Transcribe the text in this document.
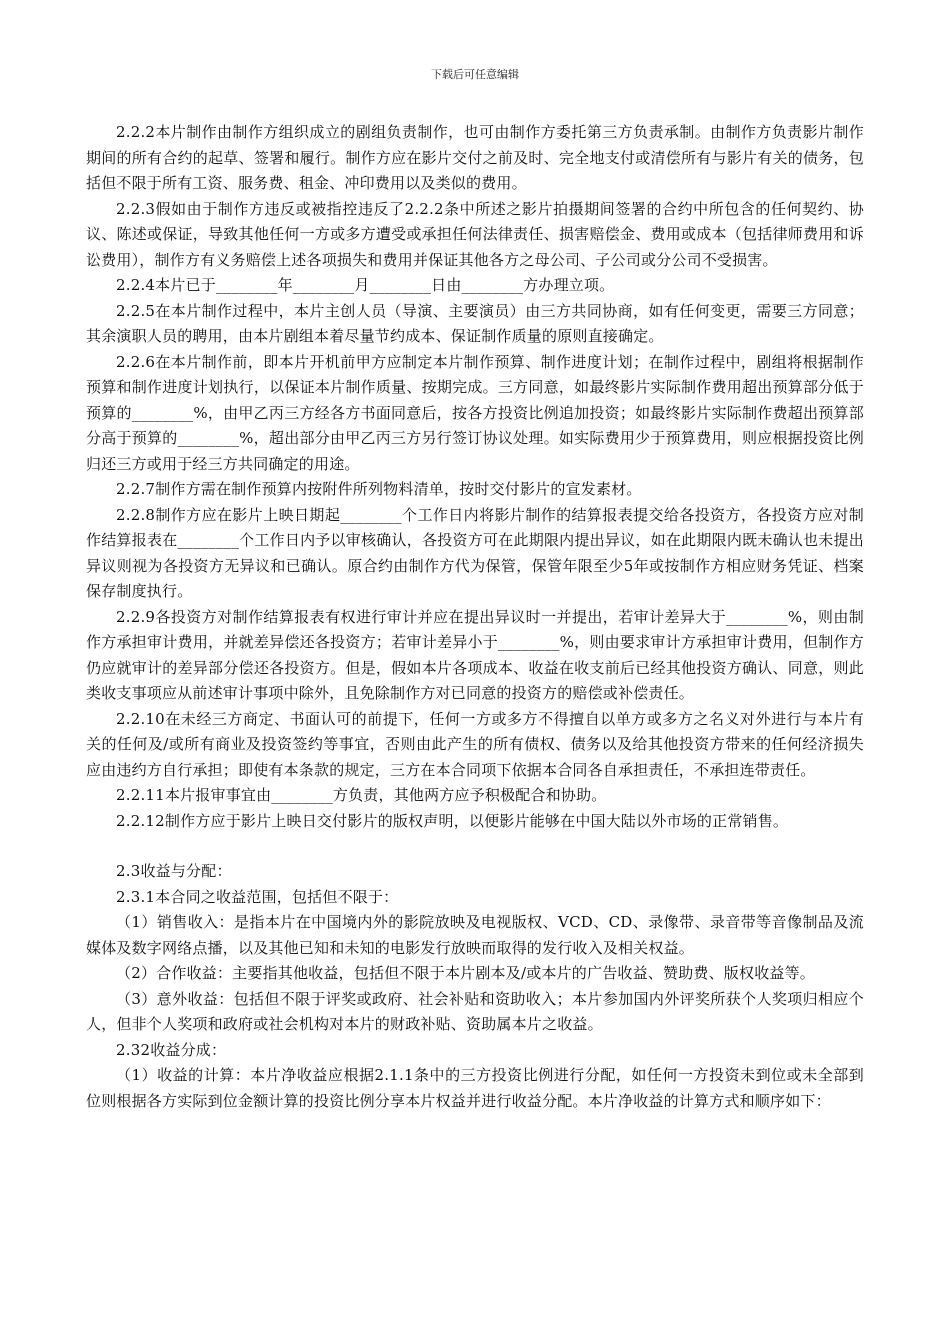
下载后可任意编辑

2.2.2本片制作由制作方组织成立的剧组负责制作，也可由制作方委托第三方负责承制。由制作方负责影片制作期间的所有合约的起草、签署和履行。制作方应在影片交付之前及时、完全地支付或清偿所有与影片有关的债务，包括但不限于所有工资、服务费、租金、冲印费用以及类似的费用。

2.2.3假如由于制作方违反或被指控违反了2.2.2条中所述之影片拍摄期间签署的合约中所包含的任何契约、协议、陈述或保证，导致其他任何一方或多方遭受或承担任何法律责任、损害赔偿金、费用或成本（包括律师费用和诉讼费用），制作方有义务赔偿上述各项损失和费用并保证其他各方之母公司、子公司或分公司不受损害。

2.2.4本片已于________年________月________日由________方办理立项。

2.2.5在本片制作过程中，本片主创人员（导演、主要演员）由三方共同协商，如有任何变更，需要三方同意；其余演职人员的聘用，由本片剧组本着尽量节约成本、保证制作质量的原则直接确定。

2.2.6在本片制作前，即本片开机前甲方应制定本片制作预算、制作进度计划；在制作过程中，剧组将根据制作预算和制作进度计划执行，以保证本片制作质量、按期完成。三方同意，如最终影片实际制作费用超出预算部分低于预算的________%，由甲乙丙三方经各方书面同意后，按各方投资比例追加投资；如最终影片实际制作费超出预算部分高于预算的________%，超出部分由甲乙丙三方另行签订协议处理。如实际费用少于预算费用，则应根据投资比例归还三方或用于经三方共同确定的用途。

2.2.7制作方需在制作预算内按附件所列物料清单，按时交付影片的宣发素材。

2.2.8制作方应在影片上映日期起________个工作日内将影片制作的结算报表提交给各投资方，各投资方应对制作结算报表在________个工作日内予以审核确认，各投资方可在此期限内提出异议，如在此期限内既未确认也未提出异议则视为各投资方无异议和已确认。原合约由制作方代为保管，保管年限至少5年或按制作方相应财务凭证、档案保存制度执行。

2.2.9各投资方对制作结算报表有权进行审计并应在提出异议时一并提出，若审计差异大于________%，则由制作方承担审计费用，并就差异偿还各投资方；若审计差异小于________%，则由要求审计方承担审计费用，但制作方仍应就审计的差异部分偿还各投资方。但是，假如本片各项成本、收益在收支前后已经其他投资方确认、同意，则此类收支事项应从前述审计事项中除外，且免除制作方对已同意的投资方的赔偿或补偿责任。

2.2.10在未经三方商定、书面认可的前提下，任何一方或多方不得擅自以单方或多方之名义对外进行与本片有关的任何及/或所有商业及投资签约等事宜，否则由此产生的所有债权、债务以及给其他投资方带来的任何经济损失应由违约方自行承担；即使有本条款的规定，三方在本合同项下依据本合同各自承担责任，不承担连带责任。

2.2.11本片报审事宜由________方负责，其他两方应予积极配合和协助。

2.2.12制作方应于影片上映日交付影片的版权声明，以便影片能够在中国大陆以外市场的正常销售。

2.3收益与分配：

2.3.1本合同之收益范围，包括但不限于：

（1）销售收入：是指本片在中国境内外的影院放映及电视版权、VCD、CD、录像带、录音带等音像制品及流媒体及数字网络点播，以及其他已知和未知的电影发行放映而取得的发行收入及相关权益。

（2）合作收益：主要指其他收益，包括但不限于本片剧本及/或本片的广告收益、赞助费、版权收益等。

（3）意外收益：包括但不限于评奖或政府、社会补贴和资助收入；本片参加国内外评奖所获个人奖项归相应个人，但非个人奖项和政府或社会机构对本片的财政补贴、资助属本片之收益。

2.32收益分成：

（1）收益的计算：本片净收益应根据2.1.1条中的三方投资比例进行分配，如任何一方投资未到位或未全部到位则根据各方实际到位金额计算的投资比例分享本片权益并进行收益分配。本片净收益的计算方式和顺序如下：
